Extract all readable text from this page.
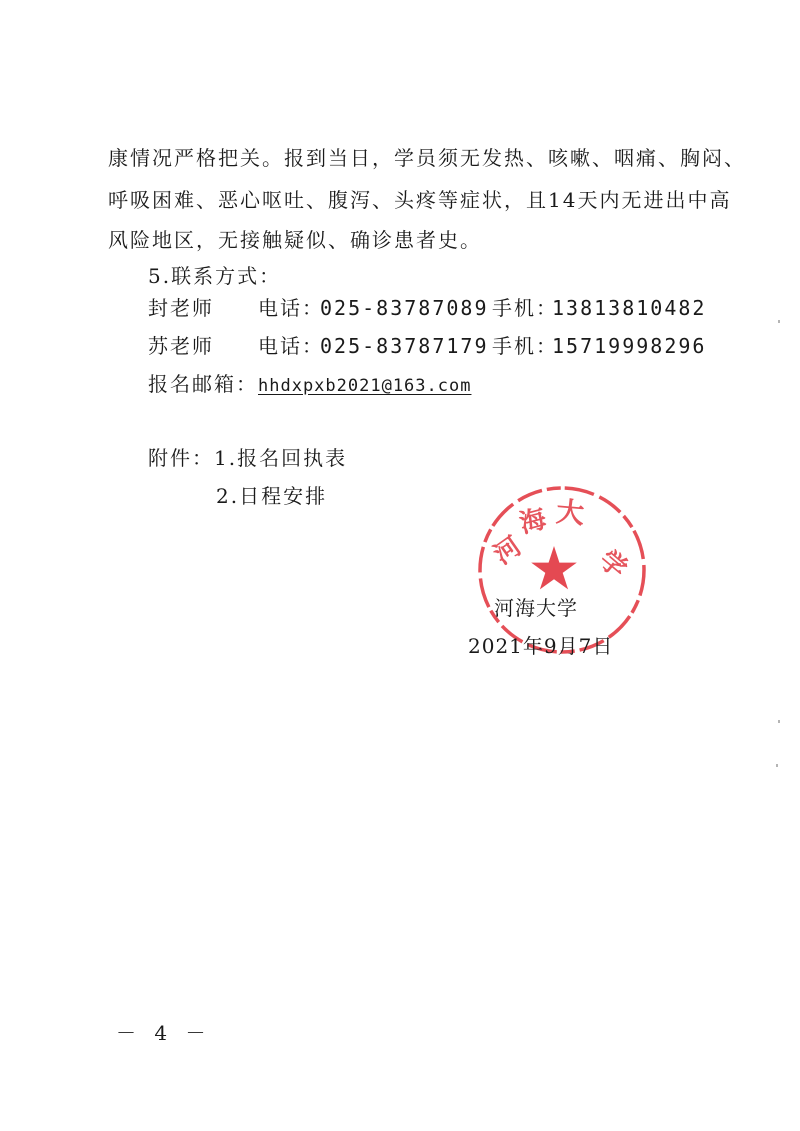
康情况严格把关。报到当日，学员须无发热、咳嗽、咽痛、胸闷、
呼吸困难、恶心呕吐、腹泻、头疼等症状，且14天内无进出中高
风险地区，无接触疑似、确诊患者史。
5.联系方式：
封老师 电话：
025-83787089 手机：
13813810482
苏老师 电话：
025-83787179 手机：
15719998296
报名邮箱：hhdxpxb2021@163.com
附件：1.报名回执表
2.日程安排
河
海 大
学
河海大学
2021年9月7日
－ 4 －
